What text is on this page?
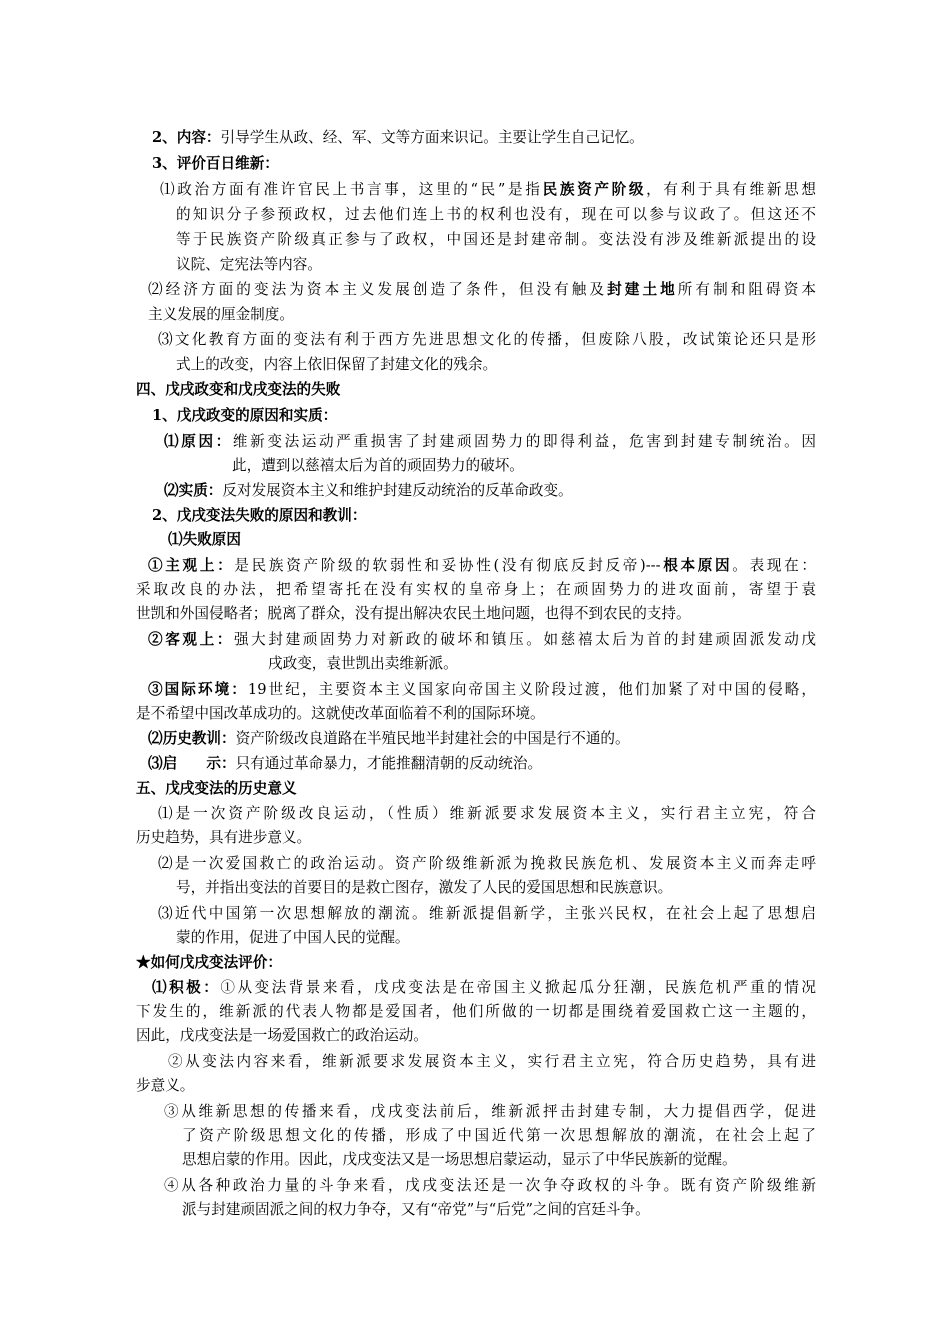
2、内容：引导学生从政、经、军、文等方面来识记。主要让学生自己记忆。
3、评价百日维新：
⑴政治方面有准许官民上书言事，这里的“民”是指民族资产阶级，有利于具有维新思想
的知识分子参预政权，过去他们连上书的权利也没有，现在可以参与议政了。但这还不
等于民族资产阶级真正参与了政权，中国还是封建帝制。变法没有涉及维新派提出的设
议院、定宪法等内容。
⑵经济方面的变法为资本主义发展创造了条件，但没有触及封建土地所有制和阻碍资本
主义发展的厘金制度。
⑶文化教育方面的变法有利于西方先进思想文化的传播，但废除八股，改试策论还只是形
式上的改变，内容上依旧保留了封建文化的残余。
四、戊戌政变和戊戌变法的失败
1、戊戌政变的原因和实质：
⑴原因：维新变法运动严重损害了封建顽固势力的即得利益，危害到封建专制统治。因
此，遭到以慈禧太后为首的顽固势力的破坏。
⑵实质：反对发展资本主义和维护封建反动统治的反革命政变。
2、戊戌变法失败的原因和教训：
⑴失败原因
①主观上：是民族资产阶级的软弱性和妥协性(没有彻底反封反帝)---根本原因。表现在：
采取改良的办法，把希望寄托在没有实权的皇帝身上；在顽固势力的进攻面前，寄望于袁
世凯和外国侵略者；脱离了群众，没有提出解决农民土地问题，也得不到农民的支持。
②客观上：强大封建顽固势力对新政的破坏和镇压。如慈禧太后为首的封建顽固派发动戊
戌政变，袁世凯出卖维新派。
③国际环境：19世纪，主要资本主义国家向帝国主义阶段过渡，他们加紧了对中国的侵略，
是不希望中国改革成功的。这就使改革面临着不利的国际环境。
⑵历史教训：资产阶级改良道路在半殖民地半封建社会的中国是行不通的。
⑶启　　示：只有通过革命暴力，才能推翻清朝的反动统治。
五、戊戌变法的历史意义
⑴是一次资产阶级改良运动，（性质）维新派要求发展资本主义，实行君主立宪，符合
历史趋势，具有进步意义。
⑵是一次爱国救亡的政治运动。资产阶级维新派为挽救民族危机、发展资本主义而奔走呼
号，并指出变法的首要目的是救亡图存，激发了人民的爱国思想和民族意识。
⑶近代中国第一次思想解放的潮流。维新派提倡新学，主张兴民权，在社会上起了思想启
蒙的作用，促进了中国人民的觉醒。
★如何戊戌变法评价：
⑴积极：①从变法背景来看，戊戌变法是在帝国主义掀起瓜分狂潮，民族危机严重的情况
下发生的，维新派的代表人物都是爱国者，他们所做的一切都是围绕着爱国救亡这一主题的，
因此，戊戌变法是一场爱国救亡的政治运动。
②从变法内容来看，维新派要求发展资本主义，实行君主立宪，符合历史趋势，具有进
步意义。
③从维新思想的传播来看，戊戌变法前后，维新派抨击封建专制，大力提倡西学，促进
了资产阶级思想文化的传播，形成了中国近代第一次思想解放的潮流，在社会上起了
思想启蒙的作用。因此，戊戌变法又是一场思想启蒙运动，显示了中华民族新的觉醒。
④从各种政治力量的斗争来看，戊戌变法还是一次争夺政权的斗争。既有资产阶级维新
派与封建顽固派之间的权力争夺，又有“帝党”与“后党”之间的宫廷斗争。
